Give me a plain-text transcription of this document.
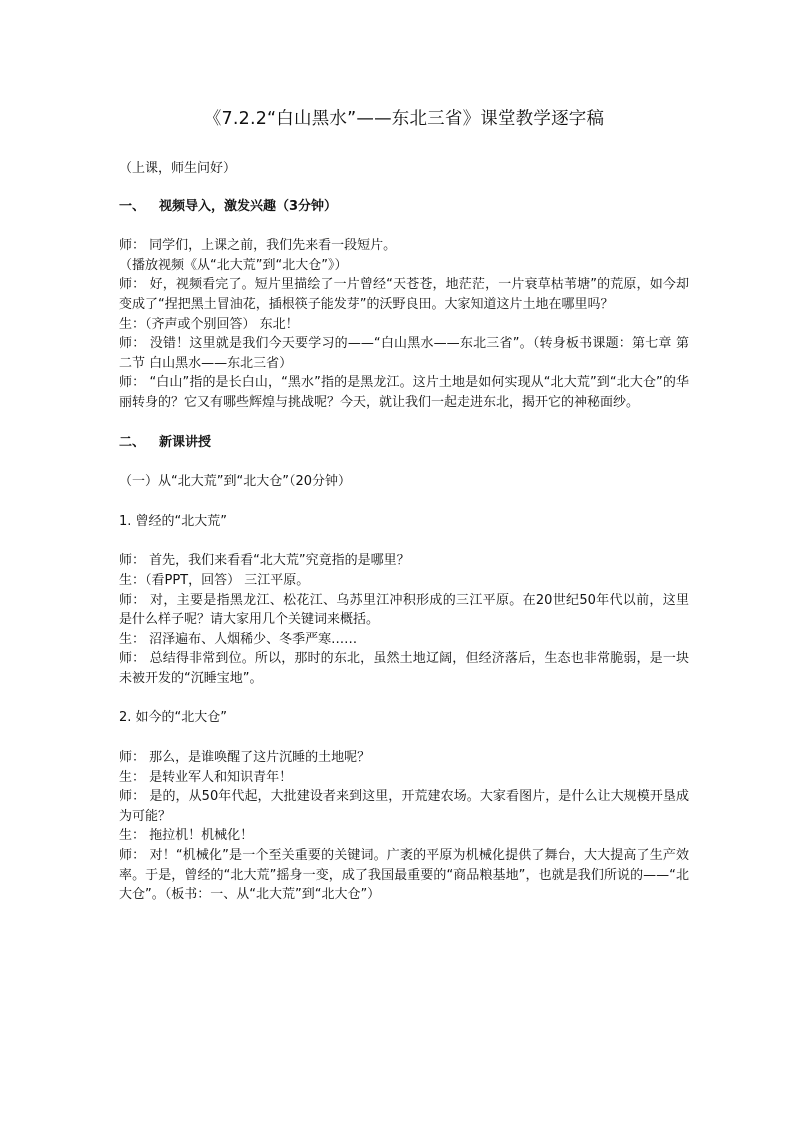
《7.2.2“白山黑水”——东北三省》课堂教学逐字稿

（上课，师生问好）

一、 视频导入，激发兴趣（3分钟）

师： 同学们，上课之前，我们先来看一段短片。

（播放视频《从“北大荒”到“北大仓”》）

师： 好，视频看完了。短片里描绘了一片曾经“天苍苍，地茫茫，一片衰草枯苇塘”的荒原，如今却变成了“捏把黑土冒油花，插根筷子能发芽”的沃野良田。大家知道这片土地在哪里吗？

生：（齐声或个别回答） 东北！

师： 没错！这里就是我们今天要学习的——“白山黑水——东北三省”。（转身板书课题：第七章 第二节 白山黑水——东北三省）

师： “白山”指的是长白山，“黑水”指的是黑龙江。这片土地是如何实现从“北大荒”到“北大仓”的华丽转身的？它又有哪些辉煌与挑战呢？今天，就让我们一起走进东北，揭开它的神秘面纱。

二、 新课讲授

（一）从“北大荒”到“北大仓”（20分钟）

1. 曾经的“北大荒”

师： 首先，我们来看看“北大荒”究竟指的是哪里？

生：（看PPT，回答） 三江平原。

师： 对，主要是指黑龙江、松花江、乌苏里江冲积形成的三江平原。在20世纪50年代以前，这里是什么样子呢？请大家用几个关键词来概括。

生： 沼泽遍布、人烟稀少、冬季严寒……

师： 总结得非常到位。所以，那时的东北，虽然土地辽阔，但经济落后，生态也非常脆弱，是一块未被开发的“沉睡宝地”。

2. 如今的“北大仓”

师： 那么，是谁唤醒了这片沉睡的土地呢？

生： 是转业军人和知识青年！

师： 是的，从50年代起，大批建设者来到这里，开荒建农场。大家看图片，是什么让大规模开垦成为可能？

生： 拖拉机！机械化！

师： 对！“机械化”是一个至关重要的关键词。广袤的平原为机械化提供了舞台，大大提高了生产效率。于是，曾经的“北大荒”摇身一变，成了我国最重要的“商品粮基地”，也就是我们所说的——“北大仓”。（板书：一、从“北大荒”到“北大仓”）
